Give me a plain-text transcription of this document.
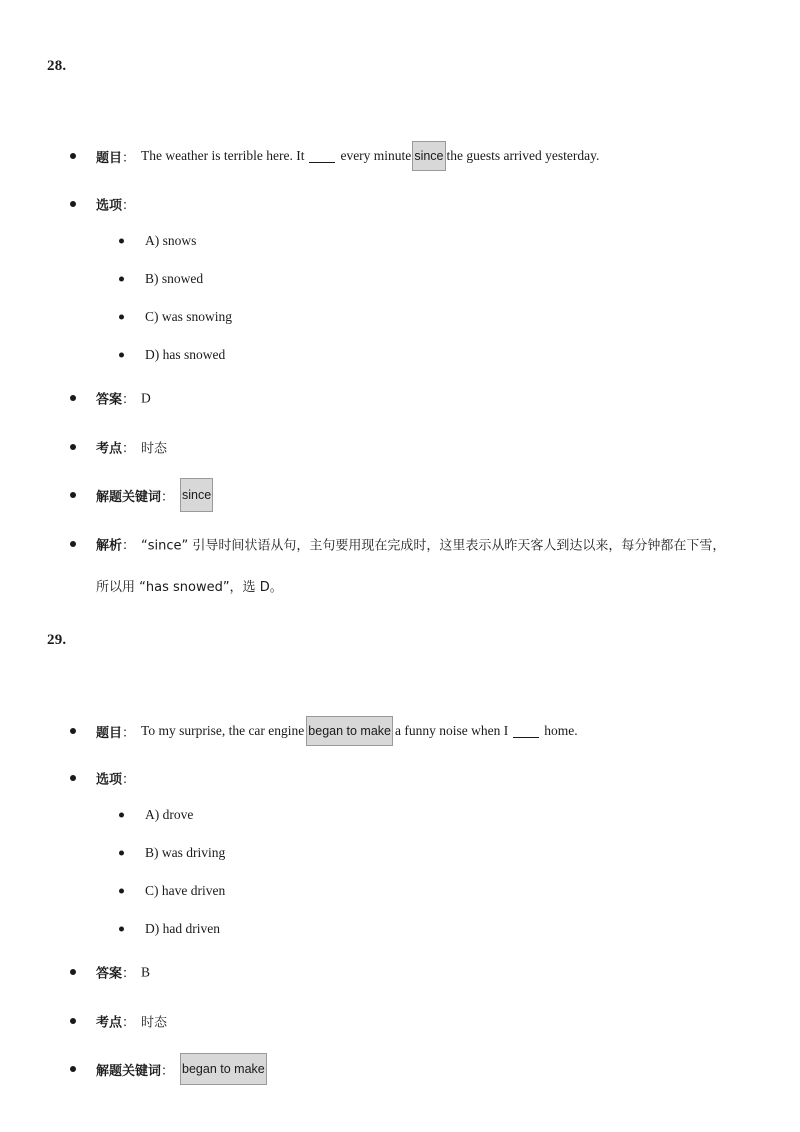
28.
题目 ： The weather is terrible here. It	every minute since the guests arrived yesterday.
选项 ：
A) snows
B) snowed
C) was snowing
D) has snowed
答案 ： D
考点 ： 时态
解题关键词 ： since
解析 ： “since” 引导时间状语从句，主句要用现在完成时，这里表示从昨天客人到达以来，每分钟都在下雪，
所以用 “has snowed”，选 D。
29.
题目 ： To my surprise, the car engine began to make a funny noise when I	home.
选项 ：
A) drove
B) was driving
C) have driven
D) had driven
答案 ： B
考点 ： 时态
解题关键词 ： began to make
